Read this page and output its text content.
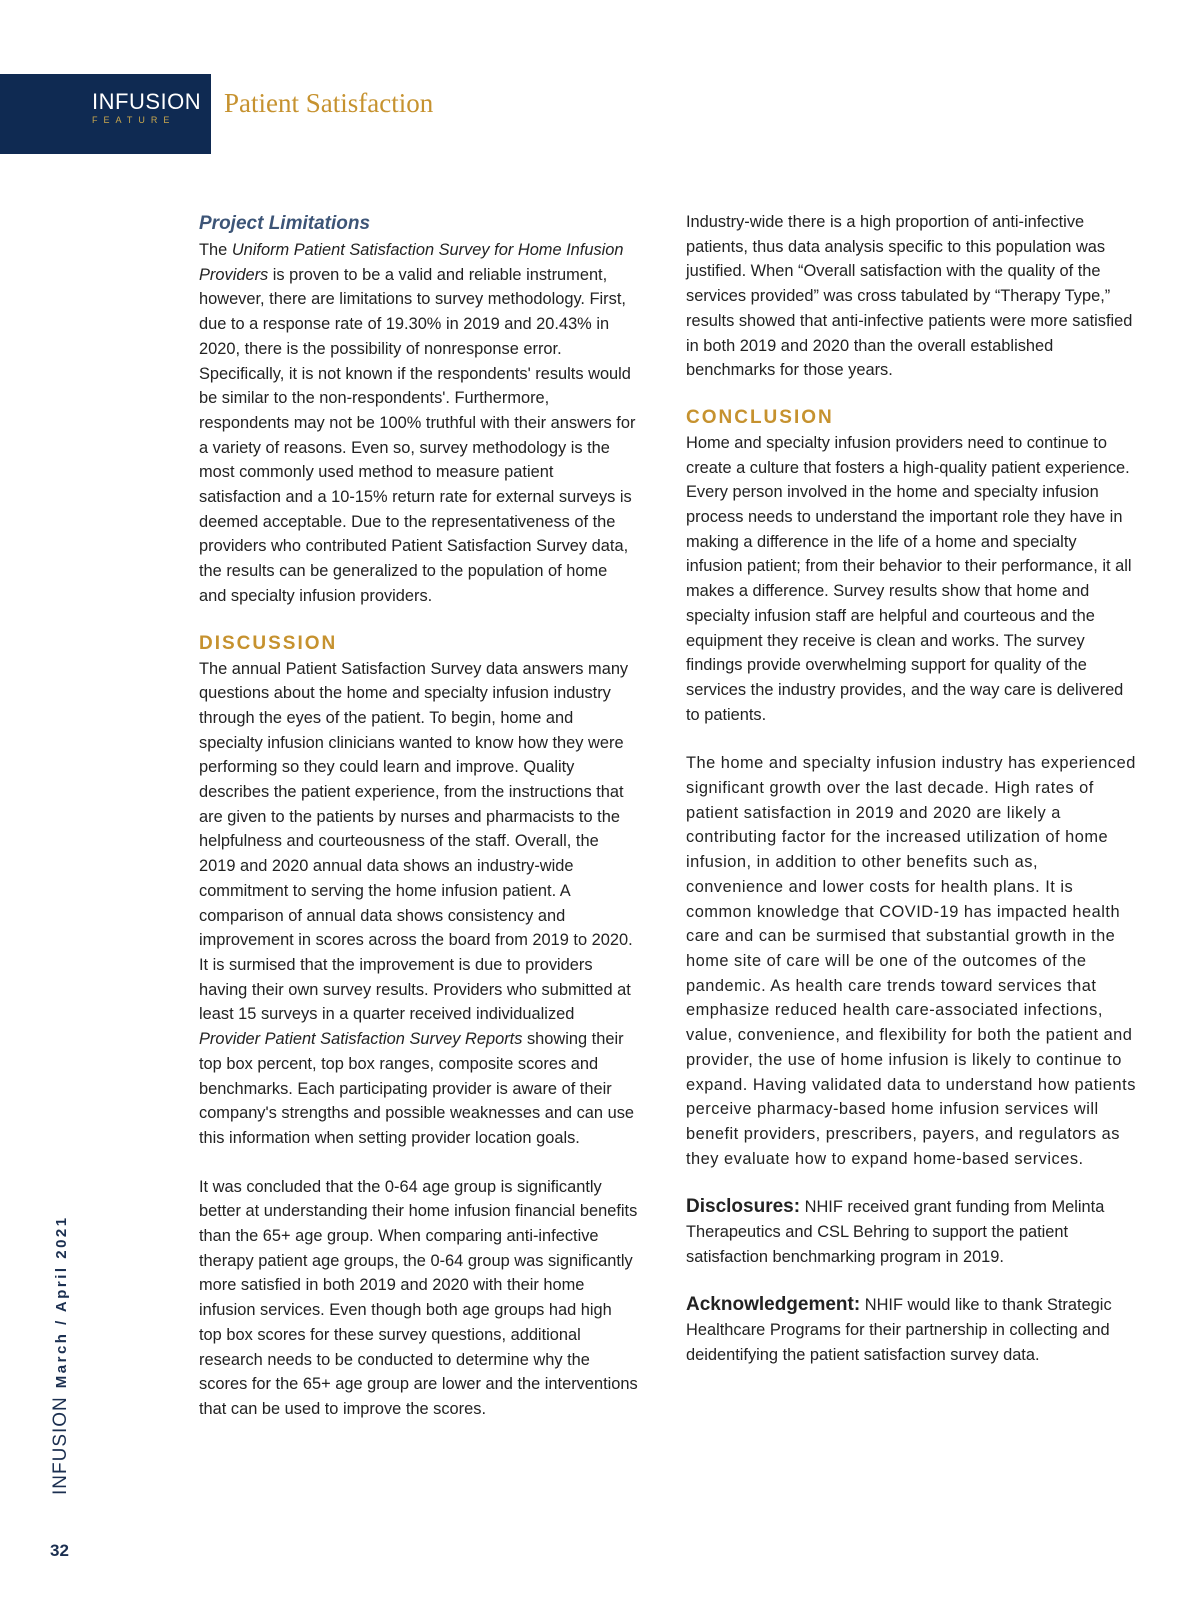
INFUSION
FEATURE
Patient Satisfaction

Project Limitations

The Uniform Patient Satisfaction Survey for Home Infusion Providers is proven to be a valid and reliable instrument, however, there are limitations to survey methodology. First, due to a response rate of 19.30% in 2019 and 20.43% in 2020, there is the possibility of nonresponse error. Specifically, it is not known if the respondents' results would be similar to the non-respondents'. Furthermore, respondents may not be 100% truthful with their answers for a variety of reasons. Even so, survey methodology is the most commonly used method to measure patient satisfaction and a 10-15% return rate for external surveys is deemed acceptable. Due to the representativeness of the providers who contributed Patient Satisfaction Survey data, the results can be generalized to the population of home and specialty infusion providers.

DISCUSSION

The annual Patient Satisfaction Survey data answers many questions about the home and specialty infusion industry through the eyes of the patient. To begin, home and specialty infusion clinicians wanted to know how they were performing so they could learn and improve. Quality describes the patient experience, from the instructions that are given to the patients by nurses and pharmacists to the helpfulness and courteousness of the staff. Overall, the 2019 and 2020 annual data shows an industry-wide commitment to serving the home infusion patient. A comparison of annual data shows consistency and improvement in scores across the board from 2019 to 2020. It is surmised that the improvement is due to providers having their own survey results. Providers who submitted at least 15 surveys in a quarter received individualized Provider Patient Satisfaction Survey Reports showing their top box percent, top box ranges, composite scores and benchmarks. Each participating provider is aware of their company's strengths and possible weaknesses and can use this information when setting provider location goals.

It was concluded that the 0-64 age group is significantly better at understanding their home infusion financial benefits than the 65+ age group. When comparing anti-infective therapy patient age groups, the 0-64 group was significantly more satisfied in both 2019 and 2020 with their home infusion services. Even though both age groups had high top box scores for these survey questions, additional research needs to be conducted to determine why the scores for the 65+ age group are lower and the interventions that can be used to improve the scores.

Industry-wide there is a high proportion of anti-infective patients, thus data analysis specific to this population was justified. When “Overall satisfaction with the quality of the services provided” was cross tabulated by “Therapy Type,” results showed that anti-infective patients were more satisfied in both 2019 and 2020 than the overall established benchmarks for those years.

CONCLUSION

Home and specialty infusion providers need to continue to create a culture that fosters a high-quality patient experience. Every person involved in the home and specialty infusion process needs to understand the important role they have in making a difference in the life of a home and specialty infusion patient; from their behavior to their performance, it all makes a difference. Survey results show that home and specialty infusion staff are helpful and courteous and the equipment they receive is clean and works. The survey findings provide overwhelming support for quality of the services the industry provides, and the way care is delivered to patients.

The home and specialty infusion industry has experienced significant growth over the last decade. High rates of patient satisfaction in 2019 and 2020 are likely a contributing factor for the increased utilization of home infusion, in addition to other benefits such as, convenience and lower costs for health plans. It is common knowledge that COVID-19 has impacted health care and can be surmised that substantial growth in the home site of care will be one of the outcomes of the pandemic. As health care trends toward services that emphasize reduced health care-associated infections, value, convenience, and flexibility for both the patient and provider, the use of home infusion is likely to continue to expand. Having validated data to understand how patients perceive pharmacy-based home infusion services will benefit providers, prescribers, payers, and regulators as they evaluate how to expand home-based services.

Disclosures: NHIF received grant funding from Melinta Therapeutics and CSL Behring to support the patient satisfaction benchmarking program in 2019.

Acknowledgement: NHIF would like to thank Strategic Healthcare Programs for their partnership in collecting and deidentifying the patient satisfaction survey data.

INFUSIONMarch / April 2021
32
